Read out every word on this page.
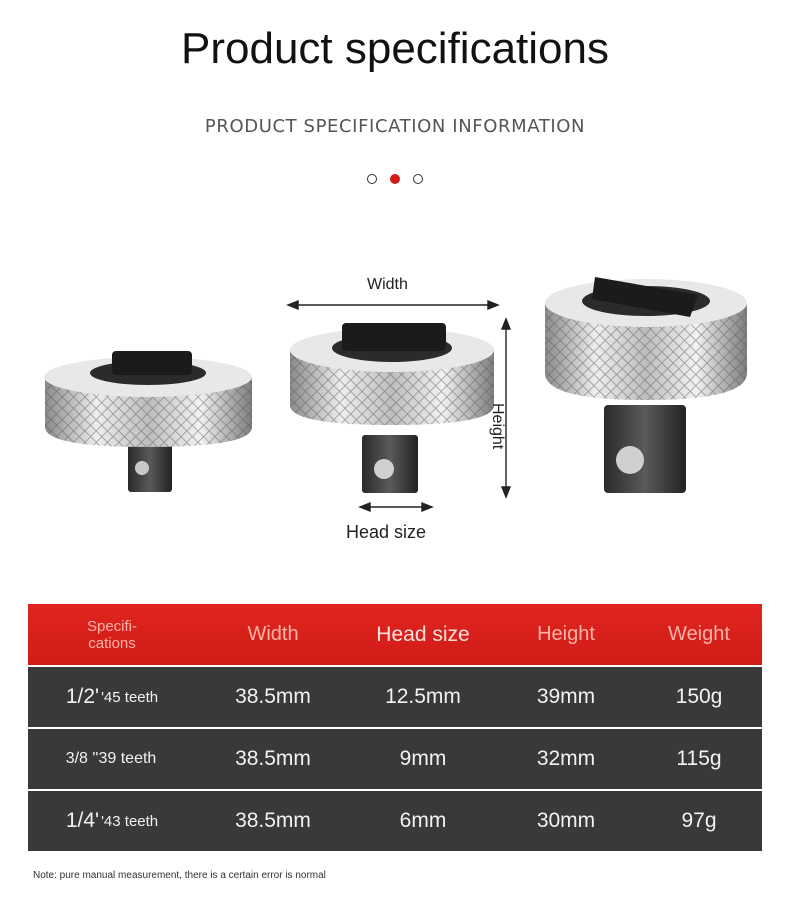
Product specifications
PRODUCT SPECIFICATION INFORMATION
Width
Height
Head size
Specifi-
cations	Width	Head size	Height	Weight
1/2' '45 teeth	38.5mm	12.5mm	39mm	150g
3/8 ''39 teeth	38.5mm	9mm	32mm	115g
1/4' '43 teeth	38.5mm	6mm	30mm	97g
Note: pure manual measurement, there is a certain error is normal
